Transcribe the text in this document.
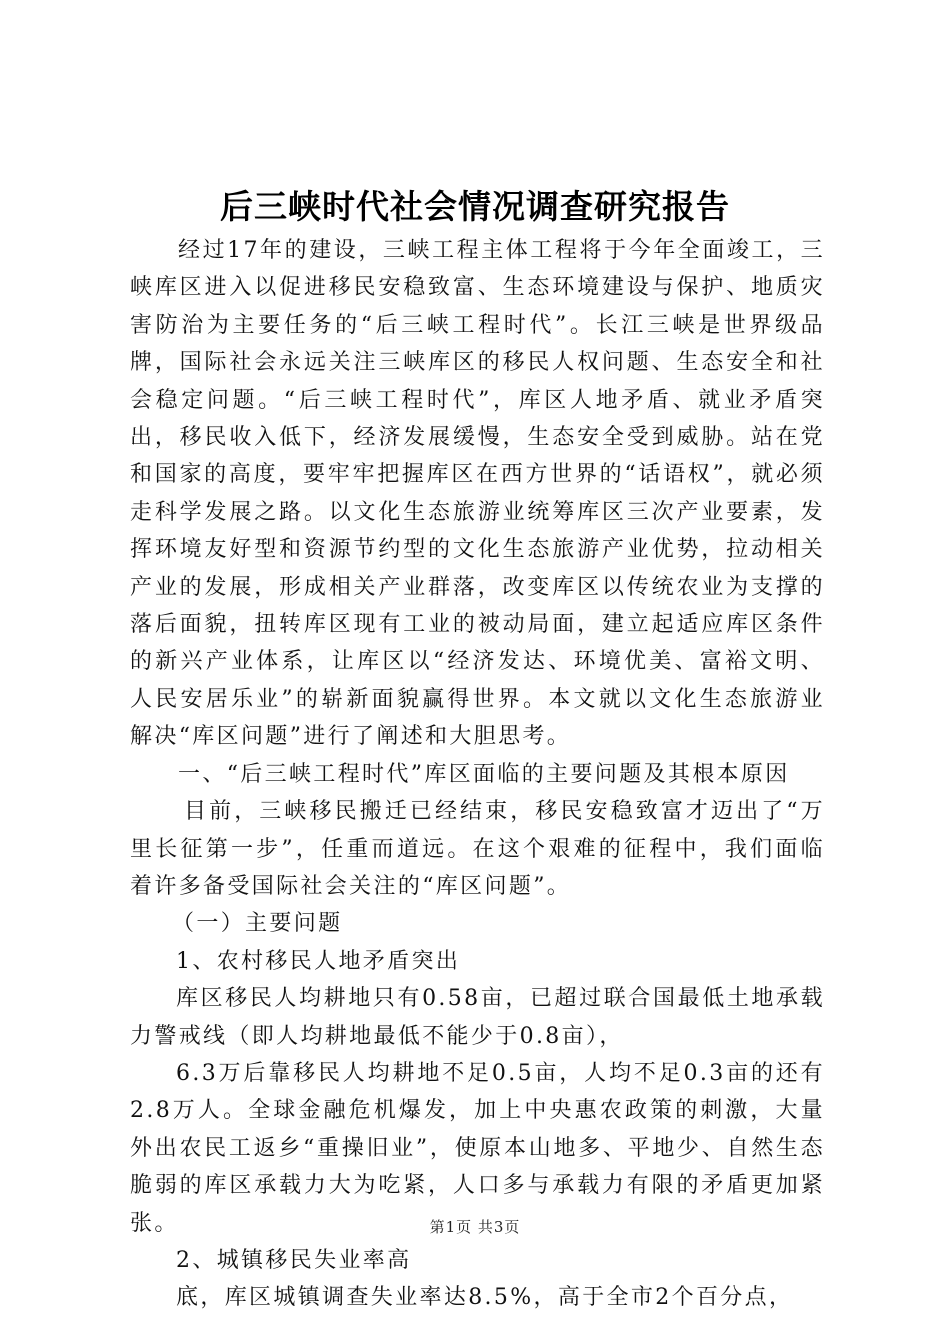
后三峡时代社会情况调查研究报告

经过17年的建设，三峡工程主体工程将于今年全面竣工，三峡库区进入以促进移民安稳致富、生态环境建设与保护、地质灾害防治为主要任务的“后三峡工程时代”。长江三峡是世界级品牌，国际社会永远关注三峡库区的移民人权问题、生态安全和社会稳定问题。“后三峡工程时代”，库区人地矛盾、就业矛盾突出，移民收入低下，经济发展缓慢，生态安全受到威胁。站在党和国家的高度，要牢牢把握库区在西方世界的“话语权”，就必须走科学发展之路。以文化生态旅游业统筹库区三次产业要素，发挥环境友好型和资源节约型的文化生态旅游产业优势，拉动相关产业的发展，形成相关产业群落，改变库区以传统农业为支撑的落后面貌，扭转库区现有工业的被动局面，建立起适应库区条件的新兴产业体系，让库区以“经济发达、环境优美、富裕文明、人民安居乐业”的崭新面貌赢得世界。本文就以文化生态旅游业解决“库区问题”进行了阐述和大胆思考。

一、“后三峡工程时代”库区面临的主要问题及其根本原因

目前，三峡移民搬迁已经结束，移民安稳致富才迈出了“万里长征第一步”，任重而道远。在这个艰难的征程中，我们面临着许多备受国际社会关注的“库区问题”。

（一）主要问题

1、农村移民人地矛盾突出

库区移民人均耕地只有0.58亩，已超过联合国最低土地承载力警戒线（即人均耕地最低不能少于0.8亩），

6.3万后靠移民人均耕地不足0.5亩，人均不足0.3亩的还有2.8万人。全球金融危机爆发，加上中央惠农政策的刺激，大量外出农民工返乡“重操旧业”，使原本山地多、平地少、自然生态脆弱的库区承载力大为吃紧，人口多与承载力有限的矛盾更加紧张。

2、城镇移民失业率高

底，库区城镇调查失业率达8.5%，高于全市2个百分点，

第1页 共3页
